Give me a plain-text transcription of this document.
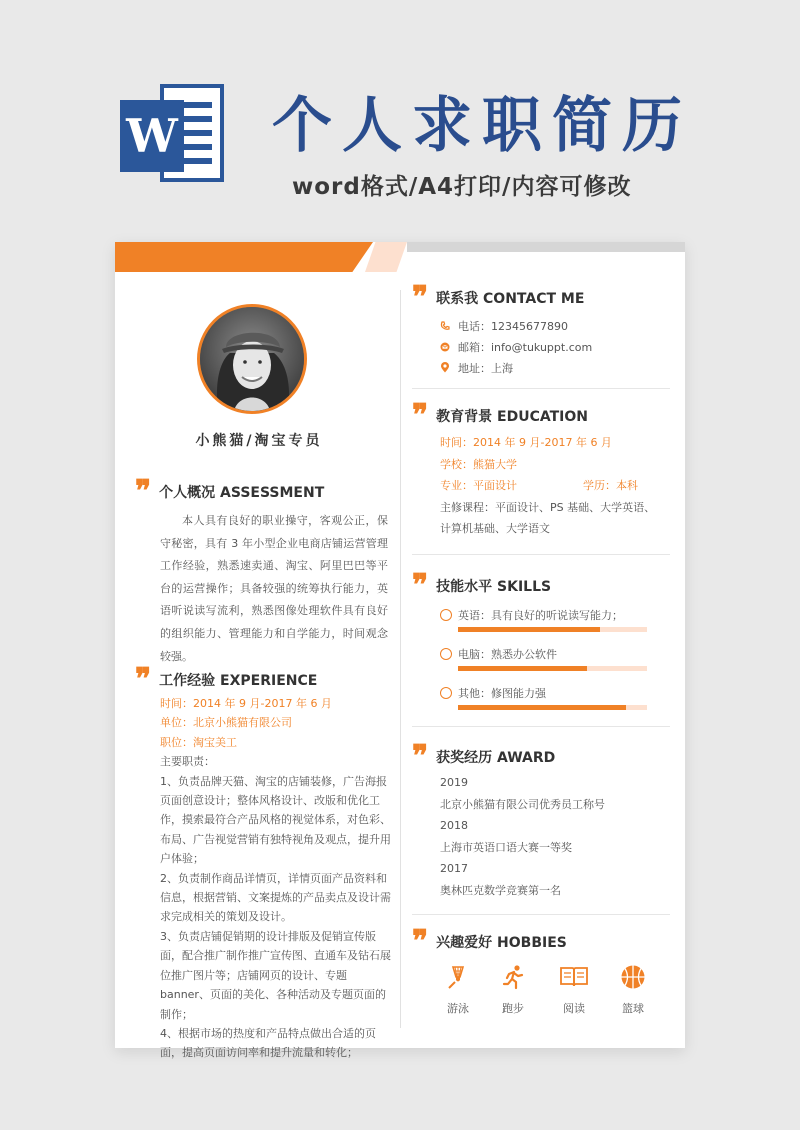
W 个人求职简历
word格式/A4打印/内容可修改
小熊猫/淘宝专员
❞ 个人概况 ASSESSMENT
本人具有良好的职业操守，客观公正，保守秘密，具有 3 年小型企业电商店铺运营管理工作经验，熟悉速卖通、淘宝、阿里巴巴等平台的运营操作；具备较强的统筹执行能力，英语听说读写流利，熟悉图像处理软件具有良好的组织能力、管理能力和自学能力，时间观念较强。
❞ 工作经验 EXPERIENCE
时间：2014 年 9 月-2017 年 6 月
单位：北京小熊猫有限公司
职位：淘宝美工
主要职责：
1、负责品牌天猫、淘宝的店铺装修，广告海报页面创意设计；整体风格设计、改版和优化工作，摸索最符合产品风格的视觉体系，对色彩、布局、广告视觉营销有独特视角及观点，提升用户体验；
2、负责制作商品详情页，详情页面产品资料和信息，根据营销、文案提炼的产品卖点及设计需求完成相关的策划及设计。
3、负责店铺促销期的设计排版及促销宣传版面，配合推广制作推广宣传图、直通车及钻石展位推广图片等；店铺网页的设计、专题 banner、页面的美化、各种活动及专题页面的制作；
4、根据市场的热度和产品特点做出合适的页面，提高页面访问率和提升流量和转化；
❞ 联系我 CONTACT ME
电话：12345677890
邮箱：info@tukuppt.com
地址：上海
❞ 教育背景 EDUCATION
时间：2014 年 9 月-2017 年 6 月
学校：熊猫大学
专业：平面设计	学历：本科
主修课程：平面设计、PS 基础、大学英语、
计算机基础、大学语文
❞ 技能水平 SKILLS
英语：具有良好的听说读写能力；
电脑：熟悉办公软件
其他：修图能力强
❞ 获奖经历 AWARD
2019
北京小熊猫有限公司优秀员工称号
2018
上海市英语口语大赛一等奖
2017
奥林匹克数学竞赛第一名
❞ 兴趣爱好 HOBBIES
游泳	跑步	阅读	篮球
